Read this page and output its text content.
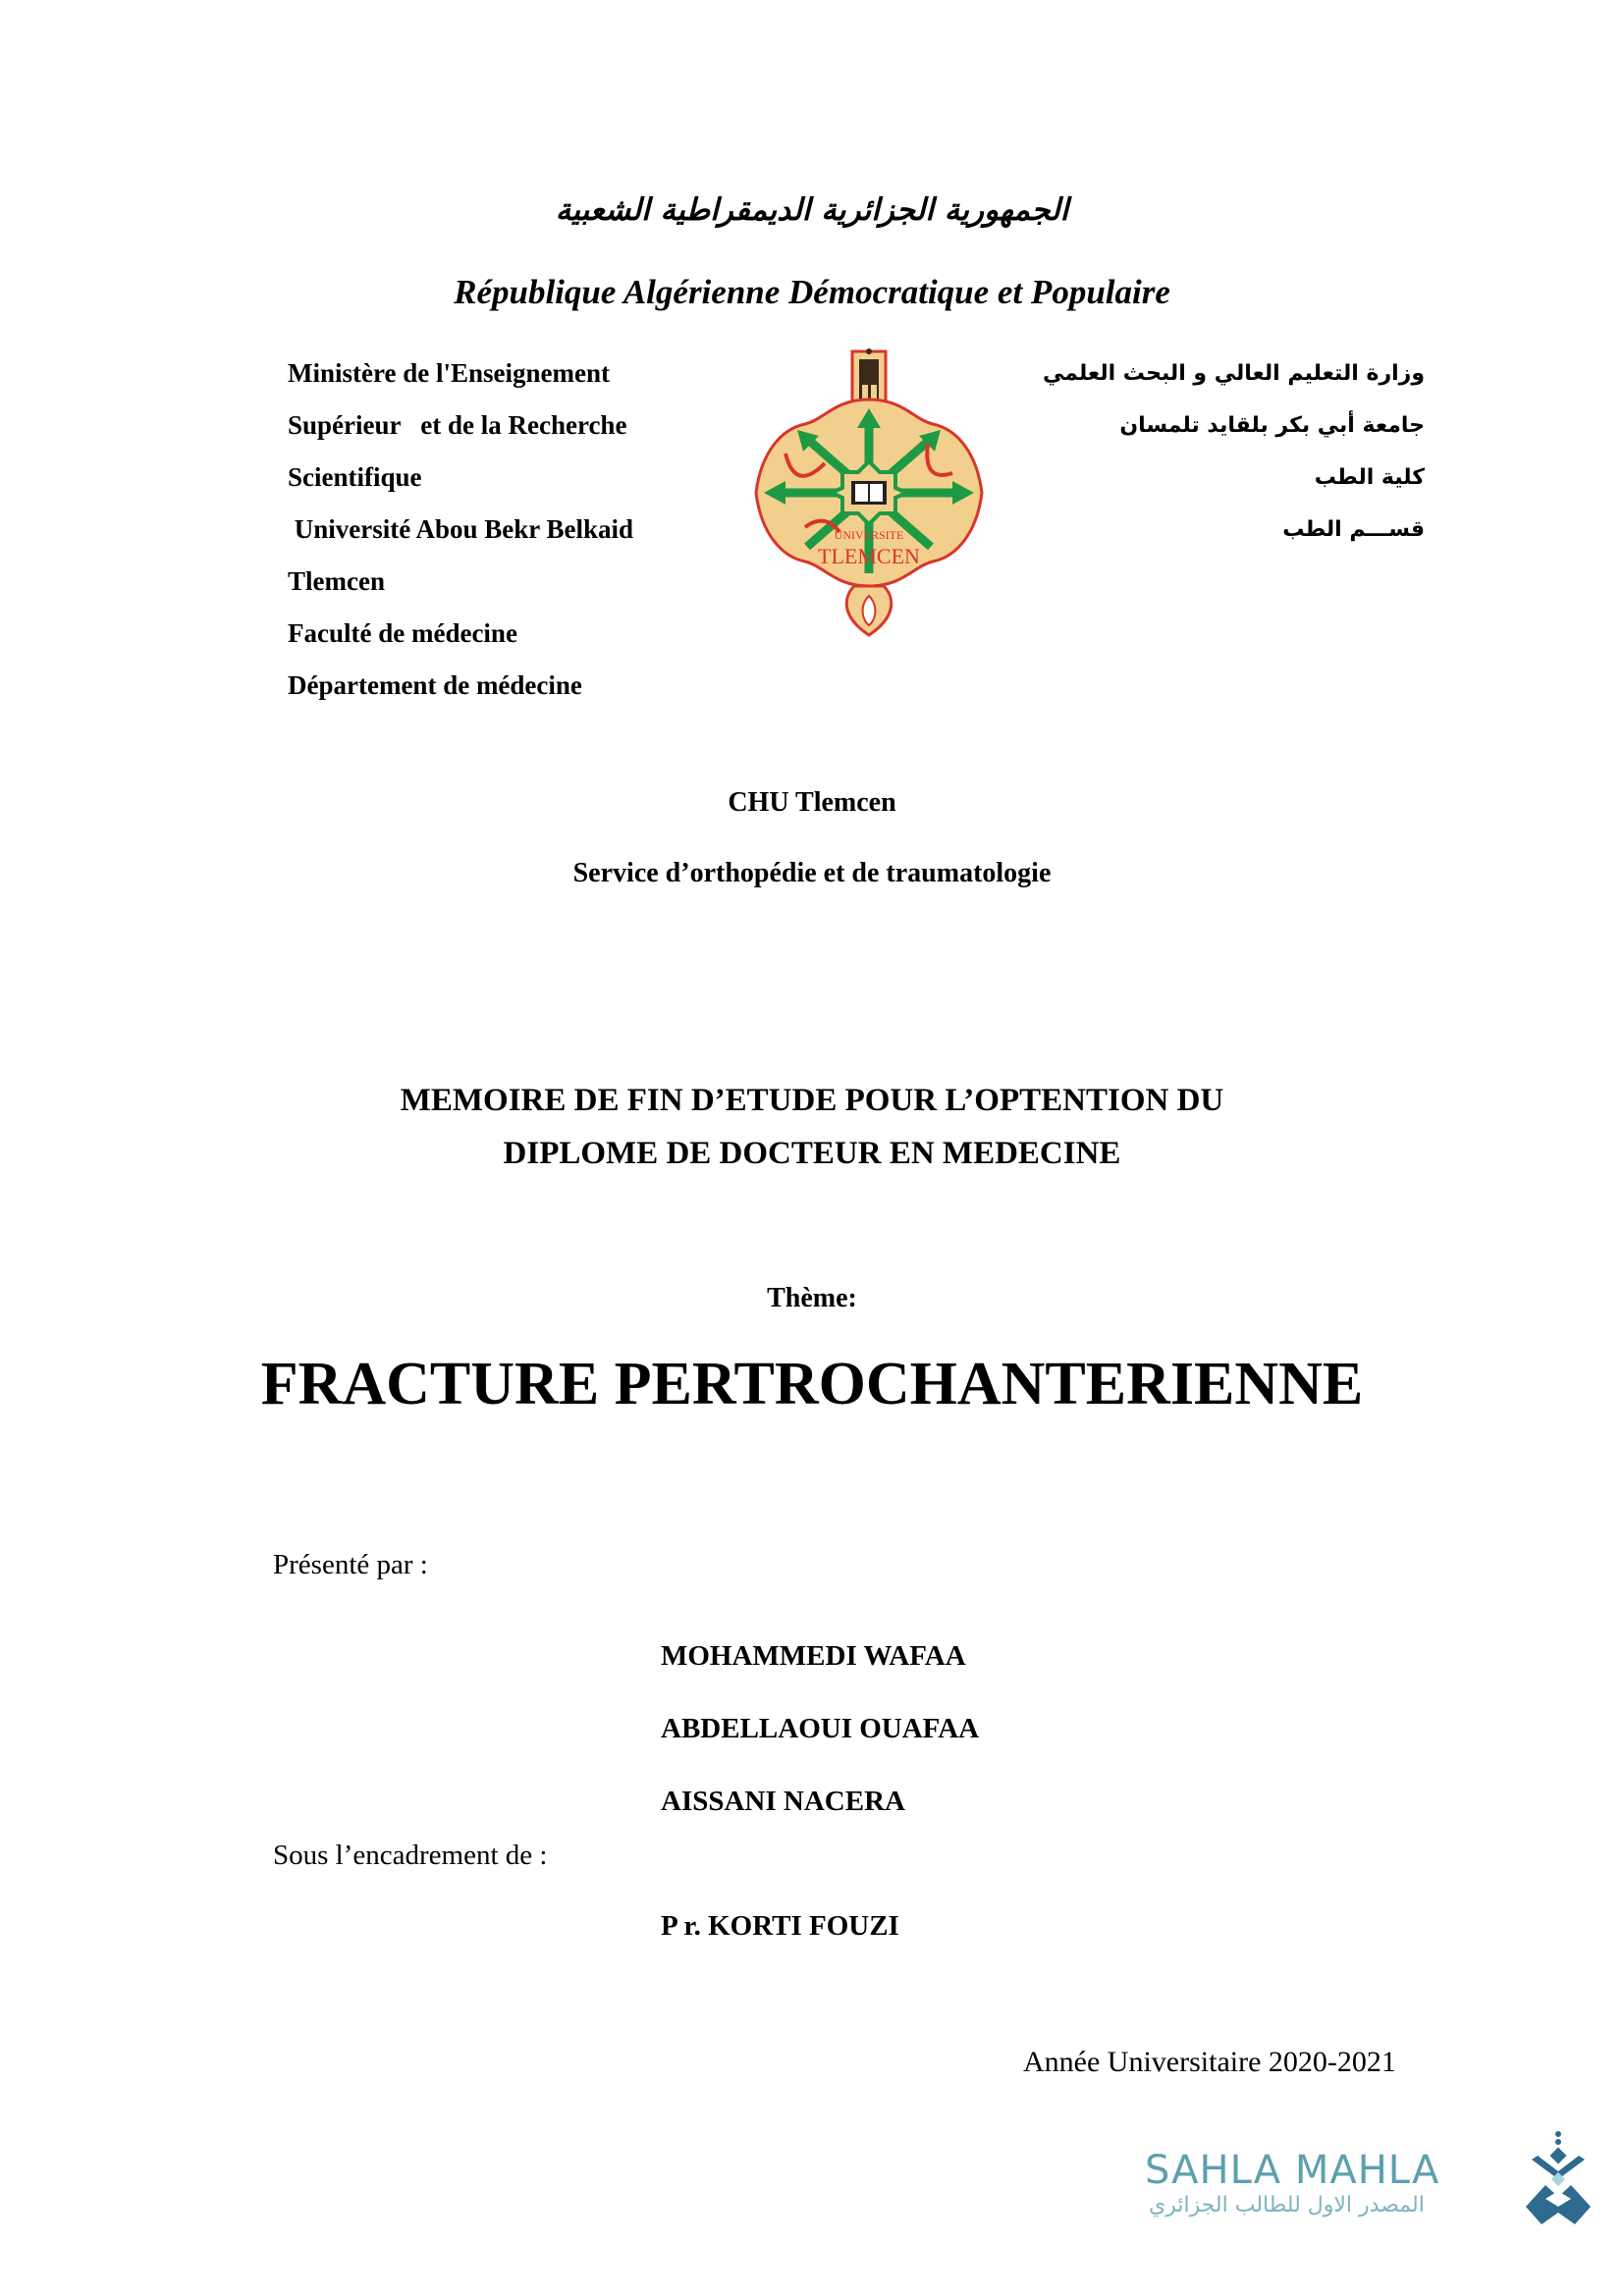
الجمهورية الجزائرية الديمقراطية الشعبية
République Algérienne Démocratique et Populaire
Ministère de l'Enseignement
Supérieur   et de la Recherche
Scientifique
Université Abou Bekr Belkaid
Tlemcen
Faculté de médecine
Département de médecine
UNIVERSITE
TLEMCEN
وزارة التعليم العالي و البحث العلمي
جامعة أبي بكر بلقايد تلمسان
كلية الطب
قســـم الطب
CHU Tlemcen
Service d’orthopédie et de traumatologie
MEMOIRE DE FIN D’ETUDE POUR L’OPTENTION DU
DIPLOME DE DOCTEUR EN MEDECINE
Thème:
FRACTURE PERTROCHANTERIENNE
Présenté par :
MOHAMMEDI WAFAA
ABDELLAOUI OUAFAA
AISSANI NACERA
Sous l’encadrement de :
P r. KORTI FOUZI
Année Universitaire 2020-2021
SAHLA MAHLA
المصدر الاول للطالب الجزائري
